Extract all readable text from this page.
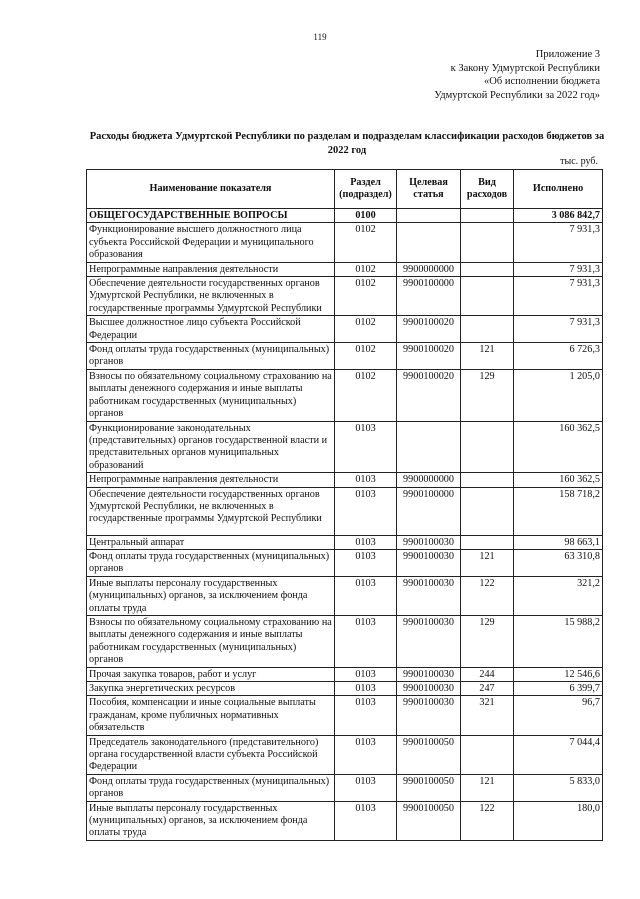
119
Приложение 3
к Закону Удмуртской Республики
«Об исполнении бюджета
Удмуртской Республики за 2022 год»
Расходы бюджета Удмуртской Республики по разделам и подразделам классификации расходов бюджетов за 2022 год
тыс. руб.
Наименование показателя	Раздел (подраздел)	Целевая статья	Вид расходов	Исполнено
ОБЩЕГОСУДАРСТВЕННЫЕ ВОПРОСЫ	0100			3 086 842,7
Функционирование высшего должностного лица субъекта Российской Федерации и муниципального образования	0102			7 931,3
Непрограммные направления деятельности	0102	9900000000		7 931,3
Обеспечение деятельности государственных органов Удмуртской Республики, не включенных в государственные программы Удмуртской Республики	0102	9900100000		7 931,3
Высшее должностное лицо субъекта Российской Федерации	0102	9900100020		7 931,3
Фонд оплаты труда государственных (муниципальных) органов	0102	9900100020	121	6 726,3
Взносы по обязательному социальному страхованию на выплаты денежного содержания и иные выплаты работникам государственных (муниципальных) органов	0102	9900100020	129	1 205,0
Функционирование законодательных (представительных) органов государственной власти и представительных органов муниципальных образований	0103			160 362,5
Непрограммные направления деятельности	0103	9900000000		160 362,5
Обеспечение деятельности государственных органов Удмуртской Республики, не включенных в государственные программы Удмуртской Республики	0103	9900100000		158 718,2
Центральный аппарат	0103	9900100030		98 663,1
Фонд оплаты труда государственных (муниципальных) органов	0103	9900100030	121	63 310,8
Иные выплаты персоналу государственных (муниципальных) органов, за исключением фонда оплаты труда	0103	9900100030	122	321,2
Взносы по обязательному социальному страхованию на выплаты денежного содержания и иные выплаты работникам государственных (муниципальных) органов	0103	9900100030	129	15 988,2
Прочая закупка товаров, работ и услуг	0103	9900100030	244	12 546,6
Закупка энергетических ресурсов	0103	9900100030	247	6 399,7
Пособия, компенсации и иные социальные выплаты гражданам, кроме публичных нормативных обязательств	0103	9900100030	321	96,7
Председатель законодательного (представительного) органа государственной власти субъекта Российской Федерации	0103	9900100050		7 044,4
Фонд оплаты труда государственных (муниципальных) органов	0103	9900100050	121	5 833,0
Иные выплаты персоналу государственных (муниципальных) органов, за исключением фонда оплаты труда	0103	9900100050	122	180,0
